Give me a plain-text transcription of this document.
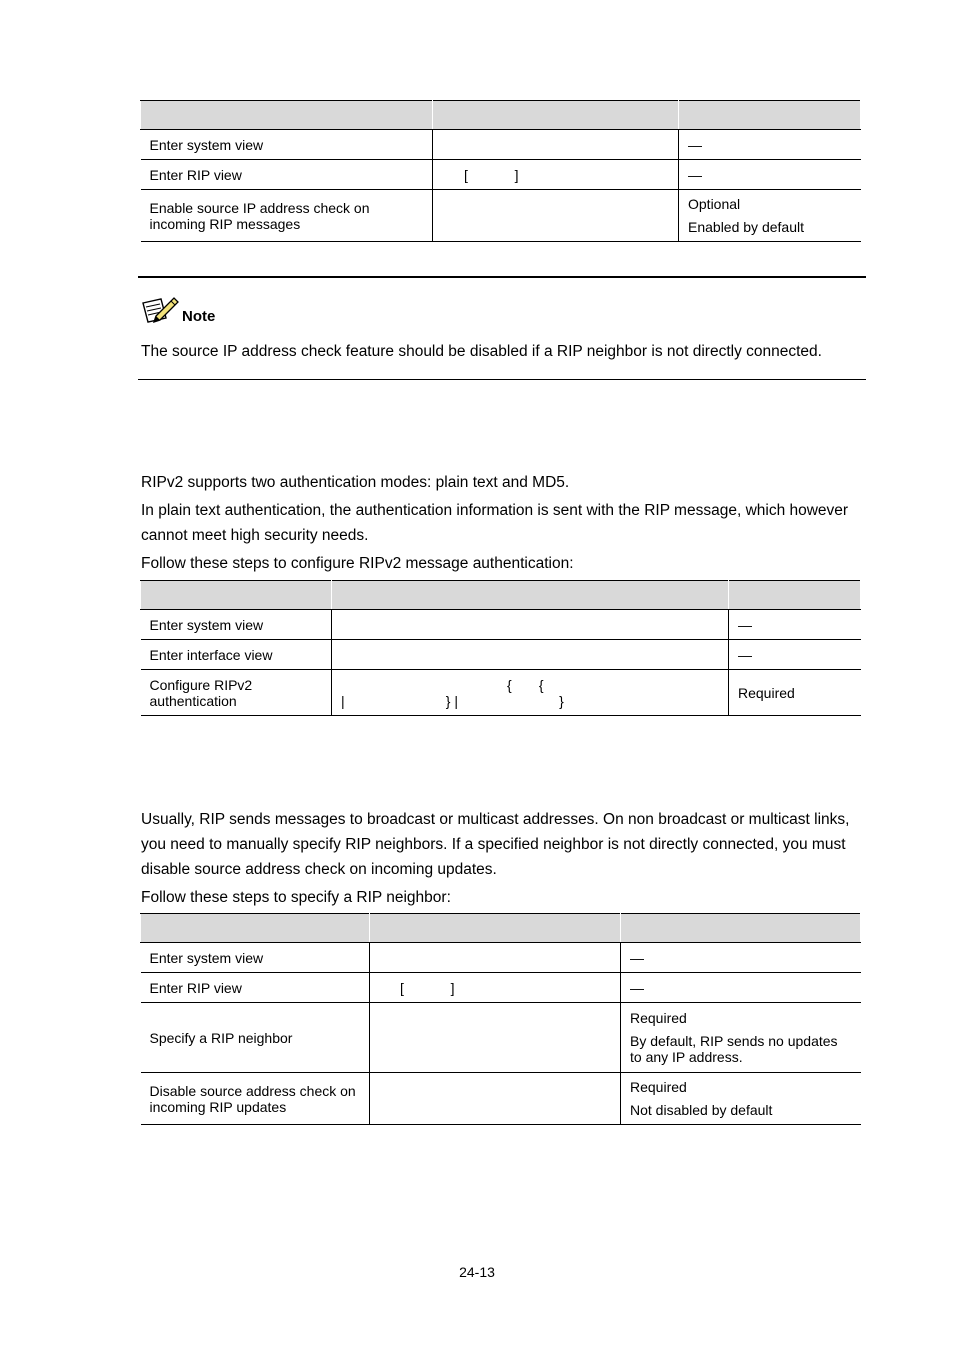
Enter system view		—
Enter RIP view	[            ]	—
Enable source IP address check on incoming RIP messages		Optional
Enabled by default
Note

The source IP address check feature should be disabled if a RIP neighbor is not directly connected.

RIPv2 supports two authentication modes: plain text and MD5.

In plain text authentication, the authentication information is sent with the RIP message, which however cannot meet high security needs.

Follow these steps to configure RIPv2 message authentication:

Enter system view		—
Enter interface view		—
Configure RIPv2 authentication	{       {
|                          } |                          }	Required

Usually, RIP sends messages to broadcast or multicast addresses. On non broadcast or multicast links, you need to manually specify RIP neighbors. If a specified neighbor is not directly connected, you must disable source address check on incoming updates.

Follow these steps to specify a RIP neighbor:

Enter system view		—
Enter RIP view	[            ]	—
Specify a RIP neighbor		Required
By default, RIP sends no updates to any IP address.

Disable source address check on incoming RIP updates		Required
Not disabled by default
24-13
